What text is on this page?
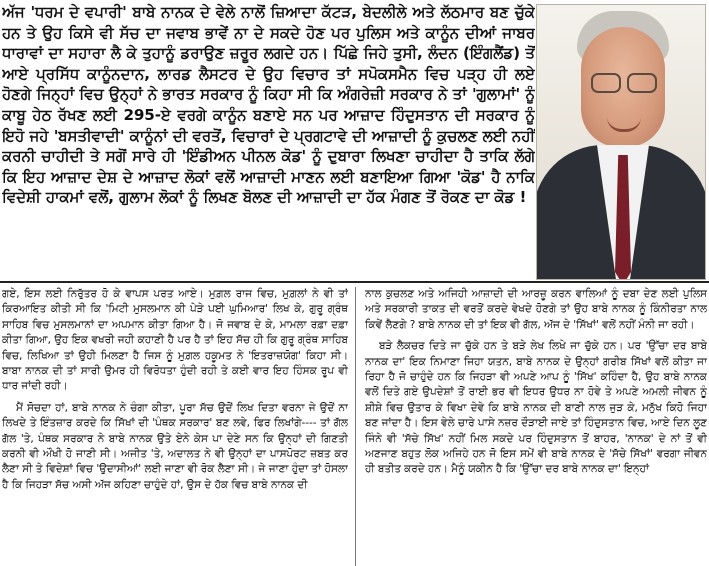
ਅੱਜ 'ਧਰਮ ਦੇ ਵਪਾਰੀ' ਬਾਬੇ ਨਾਨਕ ਦੇ ਵੇਲੇ ਨਾਲੋਂ ਜ਼ਿਆਦਾ ਕੱਟੜ, ਬੇਦਲੀਲੇ ਅਤੇ ਲੱਠਮਾਰ ਬਣ ਚੁੱਕੇ ਹਨ ਤੇ ਉਹ ਕਿਸੇ ਵੀ ਸੱਚ ਦਾ ਜਵਾਬ ਭਾਵੇਂ ਨਾ ਦੇ ਸਕਦੇ ਹੋਣ ਪਰ ਪੁਲਿਸ ਅਤੇ ਕਾਨੂੰਨ ਦੀਆਂ ਜਾਬਰ ਧਾਰਾਵਾਂ ਦਾ ਸਹਾਰਾ ਲੈ ਕੇ ਤੁਹਾਨੂੰ ਡਰਾਉਣ ਜ਼ਰੂਰ ਲਗਦੇ ਹਨ। ਪਿੱਛੇ ਜਿਹੇ ਤੁਸੀ, ਲੰਦਨ (ਇੰਗਲੈਂਡ) ਤੋਂ ਆਏ ਪ੍ਰਸਿੱਧ ਕਾਨੂੰਨਦਾਨ, ਲਾਰਡ ਲੈਸਟਰ ਦੇ ਉਹ ਵਿਚਾਰ ਤਾਂ ਸਪੋਕਸਮੈਨ ਵਿਚ ਪੜ੍ਹ ਹੀ ਲਏ ਹੋਣਗੇ ਜਿਨ੍ਹਾਂ ਵਿਚ ਉਨ੍ਹਾਂ ਨੇ ਭਾਰਤ ਸਰਕਾਰ ਨੂੰ ਕਿਹਾ ਸੀ ਕਿ ਅੰਗਰੇਜ਼ੀ ਸਰਕਾਰ ਨੇ ਤਾਂ 'ਗੁਲਾਮਾਂ' ਨੂੰ ਕਾਬੂ ਹੇਠ ਰੱਖਣ ਲਈ 295-ਏ ਵਰਗੇ ਕਾਨੂੰਨ ਬਣਾਏ ਸਨ ਪਰ ਆਜ਼ਾਦ ਹਿੰਦੁਸਤਾਨ ਦੀ ਸਰਕਾਰ ਨੂੰ ਇਹੋ ਜਹੇ 'ਬਸਤੀਵਾਦੀ' ਕਾਨੂੰਨਾਂ ਦੀ ਵਰਤੋਂ, ਵਿਚਾਰਾਂ ਦੇ ਪ੍ਰਗਟਾਵੇ ਦੀ ਆਜ਼ਾਦੀ ਨੂੰ ਕੁਚਲਣ ਲਈ ਨਹੀਂ ਕਰਨੀ ਚਾਹੀਦੀ ਤੇ ਸਗੋਂ ਸਾਰੇ ਹੀ 'ਇੰਡੀਅਨ ਪੀਨਲ ਕੋਡ' ਨੂੰ ਦੁਬਾਰਾ ਲਿਖਣਾ ਚਾਹੀਦਾ ਹੈ ਤਾਕਿ ਲੱਗੇ ਕਿ ਇਹ ਆਜ਼ਾਦ ਦੇਸ਼ ਦੇ ਆਜ਼ਾਦ ਲੋਕਾਂ ਵਲੋਂ ਆਜ਼ਾਦੀ ਮਾਣਨ ਲਈ ਬਣਾਇਆ ਗਿਆ 'ਕੋਡ' ਹੈ ਨਾਕਿ ਵਿਦੇਸ਼ੀ ਹਾਕਮਾਂ ਵਲੋਂ, ਗੁਲਾਮ ਲੋਕਾਂ ਨੂੰ ਲਿਖਣ ਬੋਲਣ ਦੀ ਆਜ਼ਾਦੀ ਦਾ ਹੱਕ ਮੰਗਣ ਤੋਂ ਰੋਕਣ ਦਾ ਕੋਡ !

ਗਏ, ਇਸ ਲਈ ਨਿਰੁੱਤਰ ਹੋ ਕੇ ਵਾਪਸ ਪਰਤ ਆਏ। ਮੁਗ਼ਲ ਰਾਜ ਵਿਚ, ਮੁਗ਼ਲਾਂ ਨੇ ਵੀ ਤਾਂ ਕਿਰਆਇਤ ਕੀਤੀ ਸੀ ਕਿ 'ਮਿਟੀ ਮੁਸਲਮਾਨ ਕੀ ਪੇੜੇ ਪਈ ਘੁਮਿਆਰ' ਲਿਖ ਕੇ, ਗੁਰੂ ਗ੍ਰੰਥ ਸਾਹਿਬ ਵਿਚ ਮੁਸਲਮਾਨਾਂ ਦਾ ਅਪਮਾਨ ਕੀਤਾ ਗਿਆ ਹੈ। ਜੋ ਜਵਾਬ ਦੇ ਕੇ, ਮਾਮਲਾ ਰਫ਼ਾ ਦਫ਼ਾ ਕੀਤਾ ਗਿਆ, ਉਹ ਇਕ ਵਖਰੀ ਜਹੀ ਕਹਾਣੀ ਹੈ ਪਰ ਹੈ ਤਾਂ ਇਹ ਸੱਚ ਹੀ ਕਿ ਗੁਰੂ ਗ੍ਰੰਥ ਸਾਹਿਬ ਵਿਚ, ਲਿਖਿਆ ਤਾਂ ਉਹੀ ਮਿਲਣਾ ਹੈ ਜਿਸ ਨੂੰ ਮੁਗ਼ਲ ਹਕੂਮਤ ਨੇ 'ਇਤਰਾਜ਼ਯੋਗ' ਕਿਹਾ ਸੀ। ਬਾਬਾ ਨਾਨਕ ਦੀ ਤਾਂ ਸਾਰੀ ਉਮਰ ਹੀ ਵਿਰੋਧਤਾ ਹੁੰਦੀ ਰਹੀ ਤੇ ਕਈ ਵਾਰ ਇਹ ਹਿੰਸਕ ਰੂਪ ਵੀ ਧਾਰ ਜਾਂਦੀ ਰਹੀ।

ਮੈਂ ਸੋਚਦਾ ਹਾਂ, ਬਾਬੇ ਨਾਨਕ ਨੇ ਚੰਗਾ ਕੀਤਾ, ਪੂਰਾ ਸੱਚ ਉਦੋਂ ਲਿਖ ਦਿਤਾ ਵਰਨਾ ਜੇ ਉਦੋਂ ਨਾ ਲਿਖਦੇ ਤੇ ਇੰਤਜ਼ਾਰ ਕਰਦੇ ਕਿ ਸਿੱਖਾਂ ਦੀ 'ਪੰਥਕ ਸਰਕਾਰ' ਬਣ ਲਵੇ, ਫਿਰ ਲਿਖਾਂਗੇ---- ਤਾਂ ਗੱਲ ਗੱਲ 'ਤੇ, ਪੰਥਕ ਸਰਕਾਰ ਨੇ ਬਾਬੇ ਨਾਨਕ ਉਤੇ ਏਨੇ ਕੇਸ ਪਾ ਦੇਣੇ ਸਨ ਕਿ ਉਨ੍ਹਾਂ ਦੀ ਗਿਣਤੀ ਕਰਨੀ ਵੀ ਔਖੀ ਹੋ ਜਾਣੀ ਸੀ। ਅਜੀਤ 'ਤੇ, ਅਦਾਲਤ ਨੇ ਵੀ ਉਨ੍ਹਾਂ ਦਾ ਪਾਸਪੋਰਟ ਜ਼ਬਤ ਕਰ ਲੈਣਾ ਸੀ ਤੇ ਵਿਦੇਸ਼ਾਂ ਵਿਚ 'ਉਦਾਸੀਆਂ' ਲਈ ਜਾਣਾ ਵੀ ਰੋਕ ਲੈਣਾ ਸੀ। ਜੇ ਜਾਣਾ ਹੁੰਦਾ ਤਾਂ ਹੋਸਲਾ ਹੈ ਕਿ ਜਿਹੜਾ ਸੱਚ ਅਸੀ ਅੱਜ ਕਹਿਣਾ ਚਾਹੁੰਦੇ ਹਾਂ, ਉਸ ਦੇ ਹੱਕ ਵਿਚ ਬਾਬੇ ਨਾਨਕ ਦੀ

ਨਾਲ ਕੁਚਲਣ ਅਤੇ ਅਜਿਹੀ ਆਜ਼ਾਦੀ ਦੀ ਆਰਜ਼ੂ ਕਰਨ ਵਾਲਿਆਂ ਨੂੰ ਦਬਾ ਦੇਣ ਲਈ ਪੁਲਿਸ ਅਤੇ ਸਰਕਾਰੀ ਤਾਕਤ ਦੀ ਵਰਤੋਂ ਕਰਦੇ ਵੇਖਦੇ ਹੋਣਗੇ ਤਾਂ ਉਹ ਬਾਬੇ ਨਾਨਕ ਨੂੰ ਕਿੰਨੀਰਤਾ ਨਾਲ ਕਿਵੇਂ ਲੈਣਗੇ ? ਬਾਬੇ ਨਾਨਕ ਦੀ ਤਾਂ ਇਕ ਵੀ ਗੱਲ, ਅੱਜ ਦੇ 'ਸਿੱਖਾਂ' ਵਲੋਂ ਨਹੀਂ ਮੰਨੀ ਜਾ ਰਹੀ।

ਬੜੇ ਲੈਕਚਰ ਦਿਤੇ ਜਾ ਚੁੱਕੇ ਹਨ ਤੇ ਬੜੇ ਲੇਖ ਲਿਖੇ ਜਾ ਚੁੱਕੇ ਹਨ। ਪਰ 'ਉੱਚਾ ਦਰ ਬਾਬੇ ਨਾਨਕ ਦਾ' ਇਕ ਨਿਮਾਣਾ ਜਿਹਾ ਯਤਨ, ਬਾਬੇ ਨਾਨਕ ਦੇ ਉਨ੍ਹਾਂ ਗਰੀਬ ਸਿੱਖਾਂ ਵਲੋਂ ਕੀਤਾ ਜਾ ਰਿਹਾ ਹੈ ਜੋ ਚਾਹੁੰਦੇ ਹਨ ਕਿ ਜਿਹੜਾ ਵੀ ਅਪਣੇ ਆਪ ਨੂੰ 'ਸਿੱਖ' ਕਹਿੰਦਾ ਹੈ, ਉਹ ਬਾਬੇ ਨਾਨਕ ਵਲੋਂ ਦਿਤੇ ਗਏ ਉਪਦੇਸ਼ਾਂ ਤੋਂ ਰਾਈ ਭਰ ਵੀ ਇਧਰ ਉਧਰ ਨਾ ਹੋਵੇ ਤੇ ਅਪਣੇ ਅਮਲੀ ਜੀਵਨ ਨੂੰ ਸ਼ੀਸ਼ੇ ਵਿਚ ਉਤਾਰ ਕੇ ਵਿਖਾ ਦੇਵੇ ਕਿ ਬਾਬੇ ਨਾਨਕ ਦੀ ਬਾਣੀ ਨਾਲ ਜੁੜ ਕੇ, ਮਨੁੱਖ ਕਿਹੋ ਜਿਹਾ ਬਣ ਜਾਂਦਾ ਹੈ। ਇਸ ਵੇਲੇ ਚਾਰੇ ਪਾਸੇ ਨਜ਼ਰ ਦੌੜਾਈ ਜਾਏ ਤਾਂ ਹਿੰਦੁਸਤਾਨ ਵਿਚ, ਆਏ ਦਿਨ ਲੂਣ ਜਿੰਨੇ ਵੀ 'ਸੱਚੇ ਸਿੱਖ' ਨਹੀਂ ਮਿਲ ਸਕਦੇ ਪਰ ਹਿੰਦੁਸਤਾਨ ਤੋਂ ਬਾਹਰ, 'ਨਾਨਕ' ਦੇ ਨਾਂ ਤੋਂ ਵੀ ਅਣਜਾਣ ਬਹੁਤ ਲੋਕ ਅਜਿਹੇ ਹਨ ਜੋ ਇਸ ਸਮੇਂ ਵੀ ਬਾਬੇ ਨਾਨਕ ਦੇ 'ਸੱਚੇ ਸਿੱਖਾਂ' ਵਰਗਾ ਜੀਵਨ ਹੀ ਬਤੀਤ ਕਰਦੇ ਹਨ। ਮੈਨੂੰ ਯਕੀਨ ਹੈ ਕਿ 'ਉੱਚਾ ਦਰ ਬਾਬੇ ਨਾਨਕ ਦਾ' ਇਨ੍ਹਾਂ
